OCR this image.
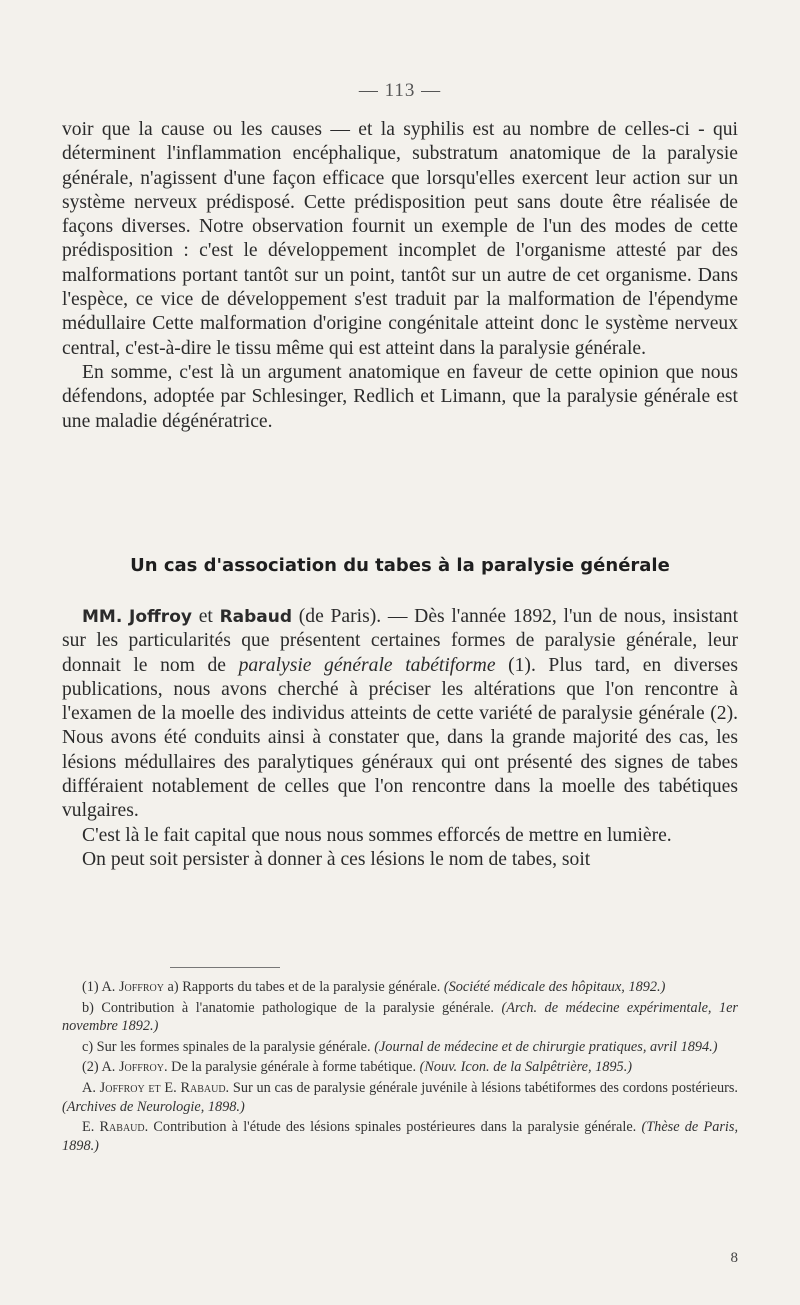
— 113 —

voir que la cause ou les causes — et la syphilis est au nombre de celles-ci - qui déterminent l'inflammation encéphalique, substratum anatomique de la paralysie générale, n'agissent d'une façon efficace que lorsqu'elles exercent leur action sur un système nerveux prédisposé. Cette prédisposition peut sans doute être réalisée de façons diverses. Notre observation fournit un exemple de l'un des modes de cette prédisposition : c'est le développement incomplet de l'organisme attesté par des malformations portant tantôt sur un point, tantôt sur un autre de cet organisme. Dans l'espèce, ce vice de développement s'est traduit par la malformation de l'épendyme médullaire Cette malformation d'origine congénitale atteint donc le système nerveux central, c'est-à-dire le tissu même qui est atteint dans la paralysie générale.

En somme, c'est là un argument anatomique en faveur de cette opinion que nous défendons, adoptée par Schlesinger, Redlich et Limann, que la paralysie générale est une maladie dégénératrice.

Un cas d'association du tabes à la paralysie générale

MM. Joffroy et Rabaud (de Paris). — Dès l'année 1892, l'un de nous, insistant sur les particularités que présentent certaines formes de paralysie générale, leur donnait le nom de paralysie générale tabétiforme (1). Plus tard, en diverses publications, nous avons cherché à préciser les altérations que l'on rencontre à l'examen de la moelle des individus atteints de cette variété de paralysie générale (2). Nous avons été conduits ainsi à constater que, dans la grande majorité des cas, les lésions médullaires des paralytiques généraux qui ont présenté des signes de tabes différaient notablement de celles que l'on rencontre dans la moelle des tabétiques vulgaires.

C'est là le fait capital que nous nous sommes efforcés de mettre en lumière.

On peut soit persister à donner à ces lésions le nom de tabes, soit

(1) A. Joffroy a) Rapports du tabes et de la paralysie générale. (Société médicale des hôpitaux, 1892.)

b) Contribution à l'anatomie pathologique de la paralysie générale. (Arch. de médecine expérimentale, 1er novembre 1892.)

c) Sur les formes spinales de la paralysie générale. (Journal de médecine et de chirurgie pratiques, avril 1894.)

(2) A. Joffroy. De la paralysie générale à forme tabétique. (Nouv. Icon. de la Salpêtrière, 1895.)

A. Joffroy et E. Rabaud. Sur un cas de paralysie générale juvénile à lésions tabétiformes des cordons postérieurs. (Archives de Neurologie, 1898.)

E. Rabaud. Contribution à l'étude des lésions spinales postérieures dans la paralysie générale. (Thèse de Paris, 1898.)

8
